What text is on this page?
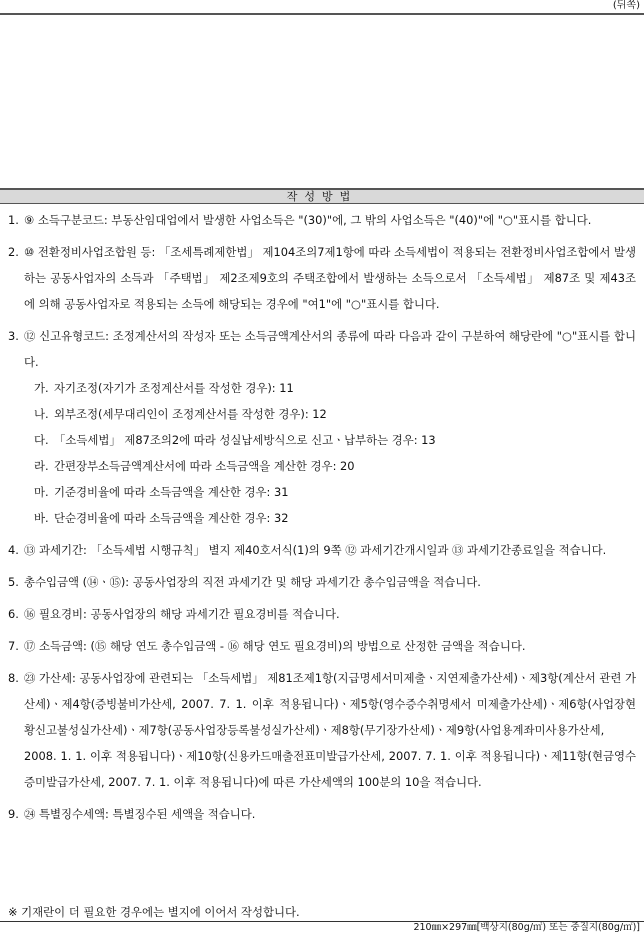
(뒤쪽)
작성방법
1. ⑨ 소득구분코드: 부동산임대업에서 발생한 사업소득은 "(30)"에, 그 밖의 사업소득은 "(40)"에 "○"표시를 합니다.
2. ⑩ 전환정비사업조합원 등: 「조세특례제한법」 제104조의7제1항에 따라 소득세법이 적용되는 전환정비사업조합에서 발생하는 공동사업자의 소득과 「주택법」 제2조제9호의 주택조합에서 발생하는 소득으로서 「소득세법」 제87조 및 제43조에 의해 공동사업자로 적용되는 소득에 해당되는 경우에 "여1"에 "○"표시를 합니다.
3. ⑫ 신고유형코드: 조정계산서의 작성자 또는 소득금액계산서의 종류에 따라 다음과 같이 구분하여 해당란에 "○"표시를 합니다.
가. 자기조정(자기가 조정계산서를 작성한 경우): 11
나. 외부조정(세무대리인이 조정계산서를 작성한 경우): 12
다. 「소득세법」 제87조의2에 따라 성실납세방식으로 신고ㆍ납부하는 경우: 13
라. 간편장부소득금액계산서에 따라 소득금액을 계산한 경우: 20
마. 기준경비율에 따라 소득금액을 계산한 경우: 31
바. 단순경비율에 따라 소득금액을 계산한 경우: 32
4. ⑬ 과세기간: 「소득세법 시행규칙」 별지 제40호서식(1)의 9쪽 ⑫ 과세기간개시일과 ⑬ 과세기간종료일을 적습니다.
5. 총수입금액 (⑭ㆍ⑮): 공동사업장의 직전 과세기간 및 해당 과세기간 총수입금액을 적습니다.
6. ⑯ 필요경비: 공동사업장의 해당 과세기간 필요경비를 적습니다.
7. ⑰ 소득금액: (⑮ 해당 연도 총수입금액 - ⑯ 해당 연도 필요경비)의 방법으로 산정한 금액을 적습니다.
8. ㉓ 가산세: 공동사업장에 관련되는 「소득세법」 제81조제1항(지급명세서미제출ㆍ지연제출가산세)ㆍ제3항(계산서 관련 가산세)ㆍ제4항(증빙불비가산세, 2007. 7. 1. 이후 적용됩니다)ㆍ제5항(영수증수취명세서 미제출가산세)ㆍ제6항(사업장현황신고불성실가산세)ㆍ제7항(공동사업장등록불성실가산세)ㆍ제8항(무기장가산세)ㆍ제9항(사업용계좌미사용가산세, 2008. 1. 1. 이후 적용됩니다)ㆍ제10항(신용카드매출전표미발급가산세, 2007. 7. 1. 이후 적용됩니다)ㆍ제11항(현금영수증미발급가산세, 2007. 7. 1. 이후 적용됩니다)에 따른 가산세액의 100분의 10을 적습니다.
9. ㉔ 특별징수세액: 특별징수된 세액을 적습니다.
※ 기재란이 더 필요한 경우에는 별지에 이어서 작성합니다.
210㎜×297㎜[백상지(80g/㎡) 또는 중질지(80g/㎡)]
